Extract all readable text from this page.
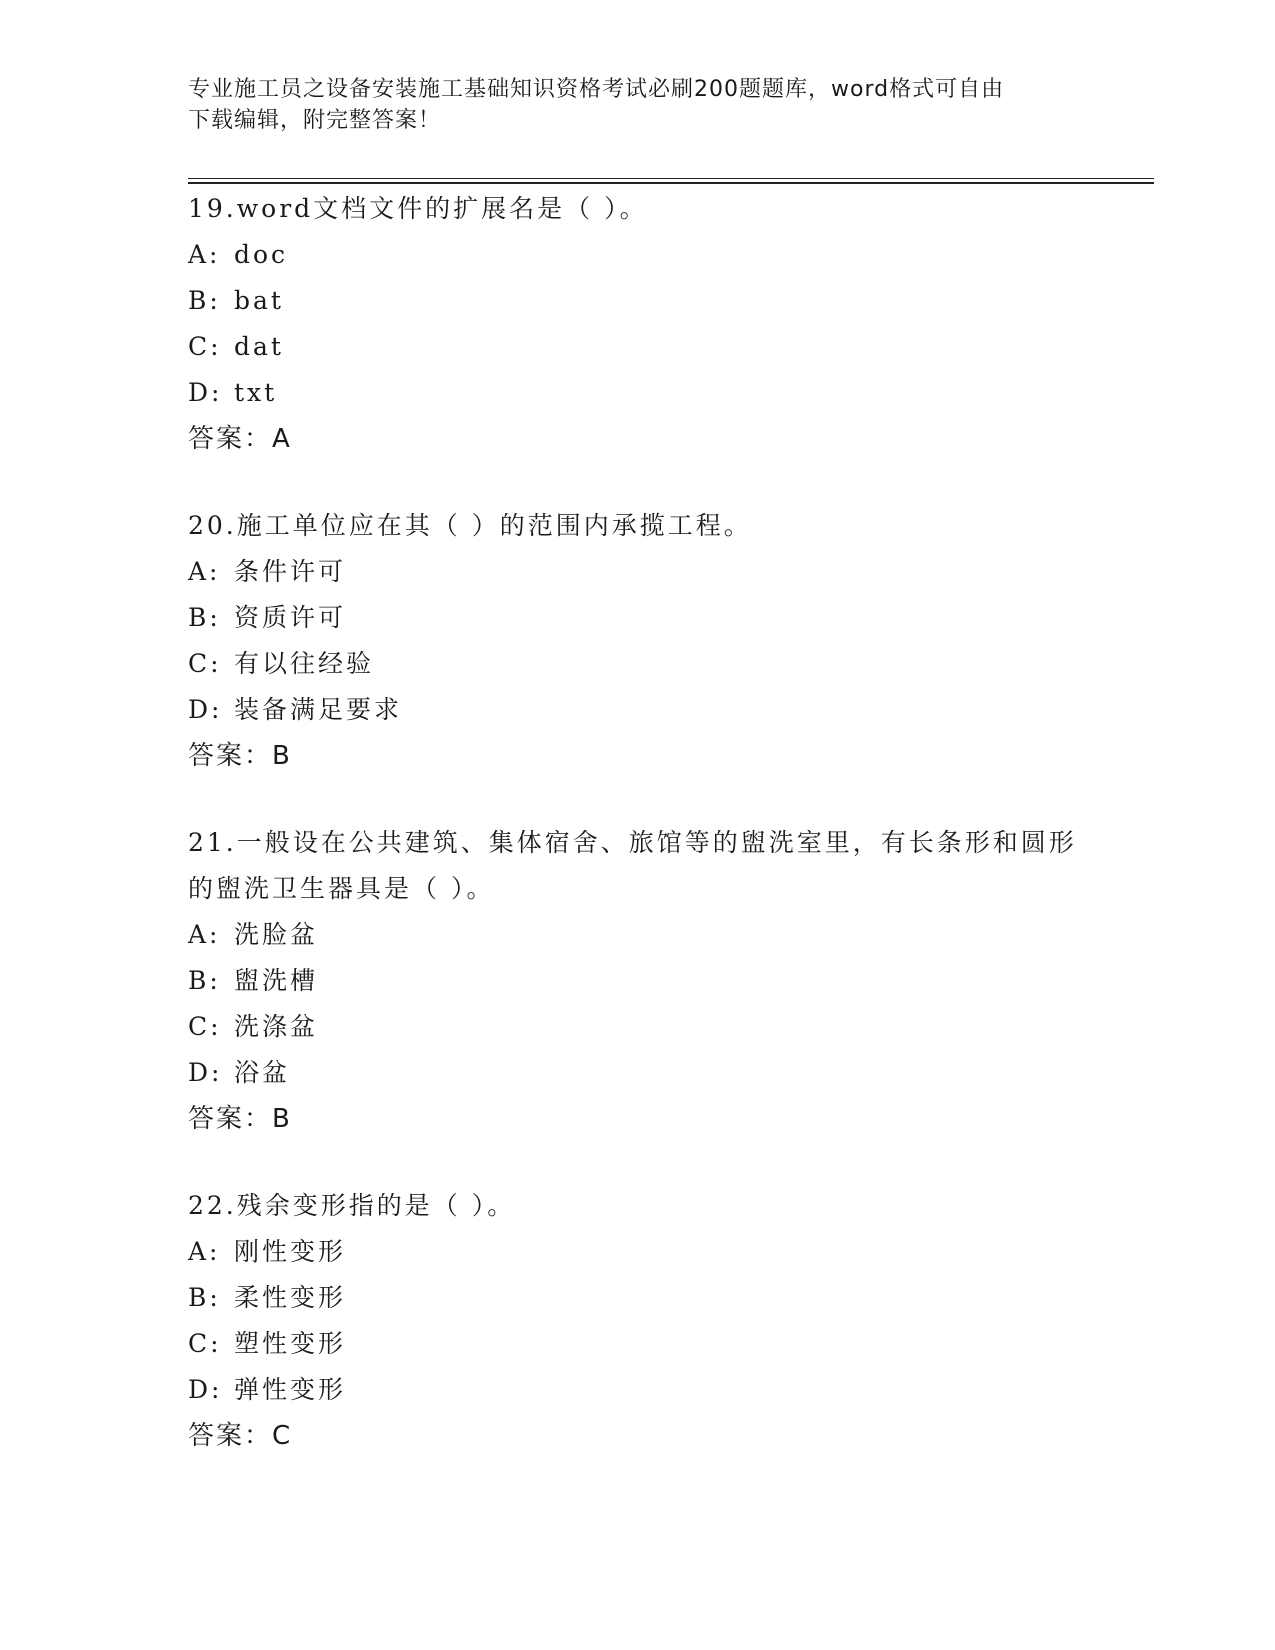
专业施工员之设备安装施工基础知识资格考试必刷200题题库，word格式可自由
下载编辑，附完整答案！

19.word文档文件的扩展名是（ ）。

A: doc

B: bat

C: dat

D: txt

答案：A

20.施工单位应在其（ ）的范围内承揽工程。

A: 条件许可

B: 资质许可

C: 有以往经验

D: 装备满足要求

答案：B

21.一般设在公共建筑、集体宿舍、旅馆等的盥洗室里，有长条形和圆形的盥洗卫生器具是（ ）。

A: 洗脸盆

B: 盥洗槽

C: 洗涤盆

D: 浴盆

答案：B

22.残余变形指的是（ ）。

A: 刚性变形

B: 柔性变形

C: 塑性变形

D: 弹性变形

答案：C
